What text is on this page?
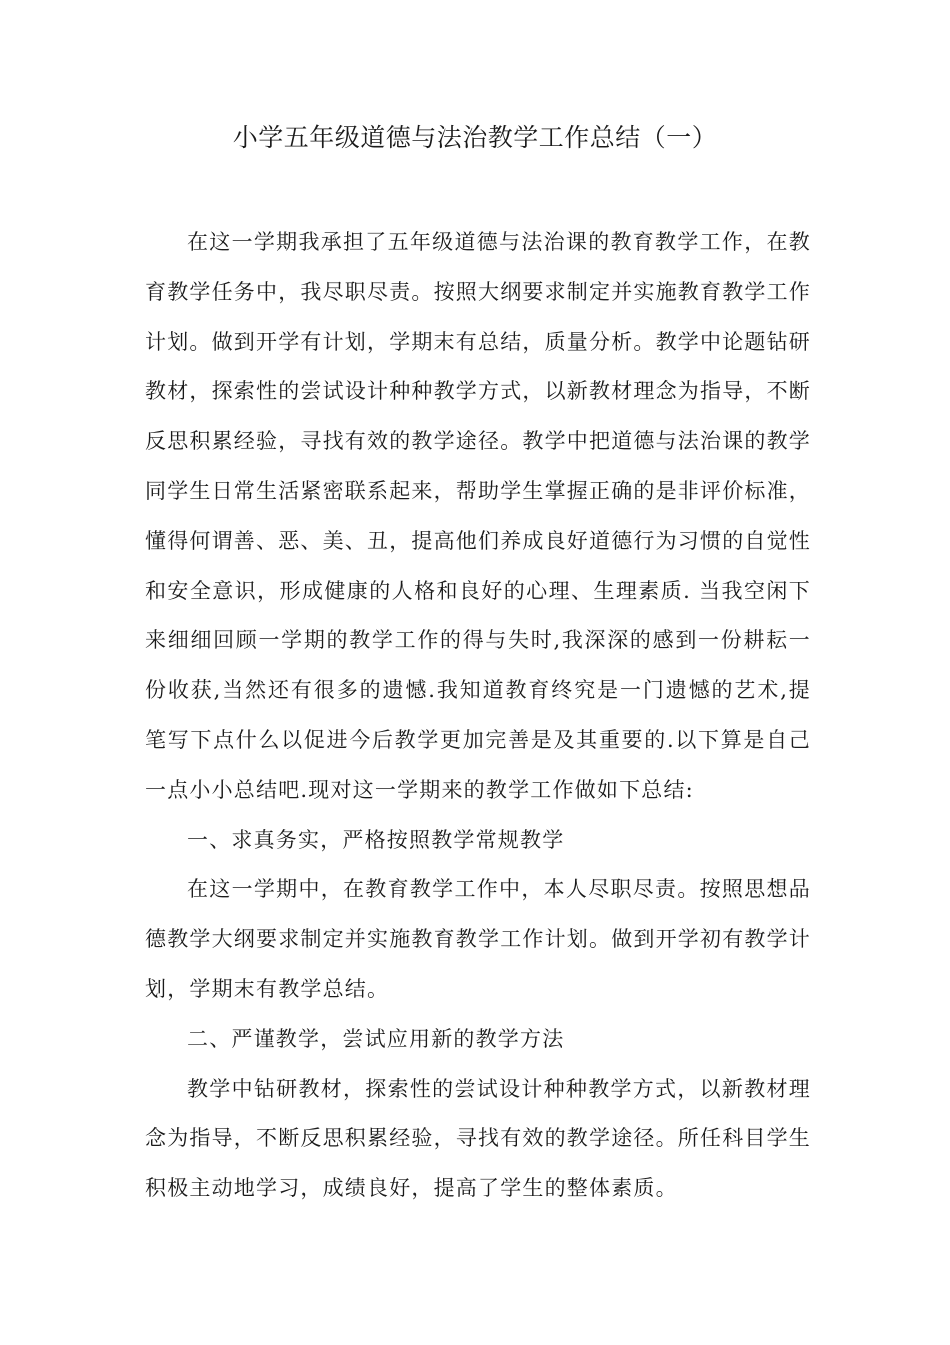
小学五年级道德与法治教学工作总结（一）

在这一学期我承担了五年级道德与法治课的教育教学工作，在教育教学任务中，我尽职尽责。按照大纲要求制定并实施教育教学工作计划。做到开学有计划，学期末有总结，质量分析。教学中论题钻研教材，探索性的尝试设计种种教学方式，以新教材理念为指导，不断反思积累经验，寻找有效的教学途径。教学中把道德与法治课的教学同学生日常生活紧密联系起来，帮助学生掌握正确的是非评价标准，懂得何谓善、恶、美、丑，提高他们养成良好道德行为习惯的自觉性和安全意识，形成健康的人格和良好的心理、生理素质. 当我空闲下来细细回顾一学期的教学工作的得与失时,我深深的感到一份耕耘一份收获,当然还有很多的遗憾.我知道教育终究是一门遗憾的艺术,提笔写下点什么以促进今后教学更加完善是及其重要的.以下算是自己一点小小总结吧.现对这一学期来的教学工作做如下总结:

一、求真务实，严格按照教学常规教学

在这一学期中，在教育教学工作中，本人尽职尽责。按照思想品德教学大纲要求制定并实施教育教学工作计划。做到开学初有教学计划，学期末有教学总结。

二、严谨教学，尝试应用新的教学方法

教学中钻研教材，探索性的尝试设计种种教学方式，以新教材理念为指导，不断反思积累经验，寻找有效的教学途径。所任科目学生积极主动地学习，成绩良好，提高了学生的整体素质。
